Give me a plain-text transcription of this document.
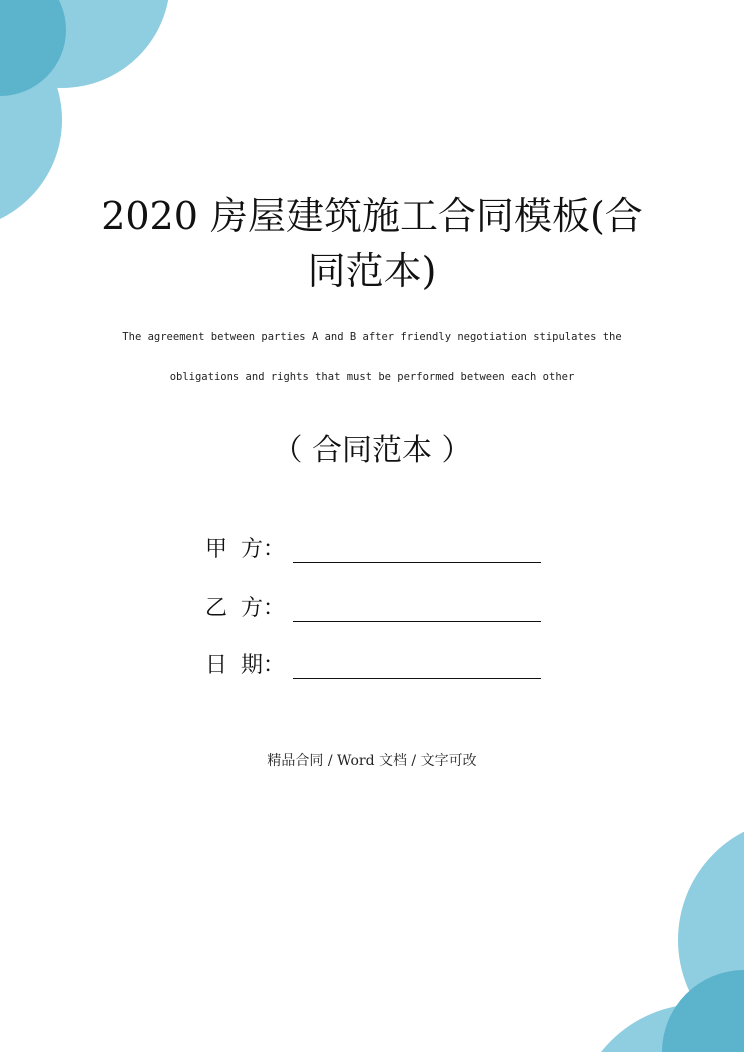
2020 房屋建筑施工合同模板(合
同范本)
The agreement between parties A and B after friendly negotiation stipulates the
obligations and rights that must be performed between each other
（ 合同范本 ）
甲  方：
乙  方：
日  期：
精品合同 / Word 文档 / 文字可改
